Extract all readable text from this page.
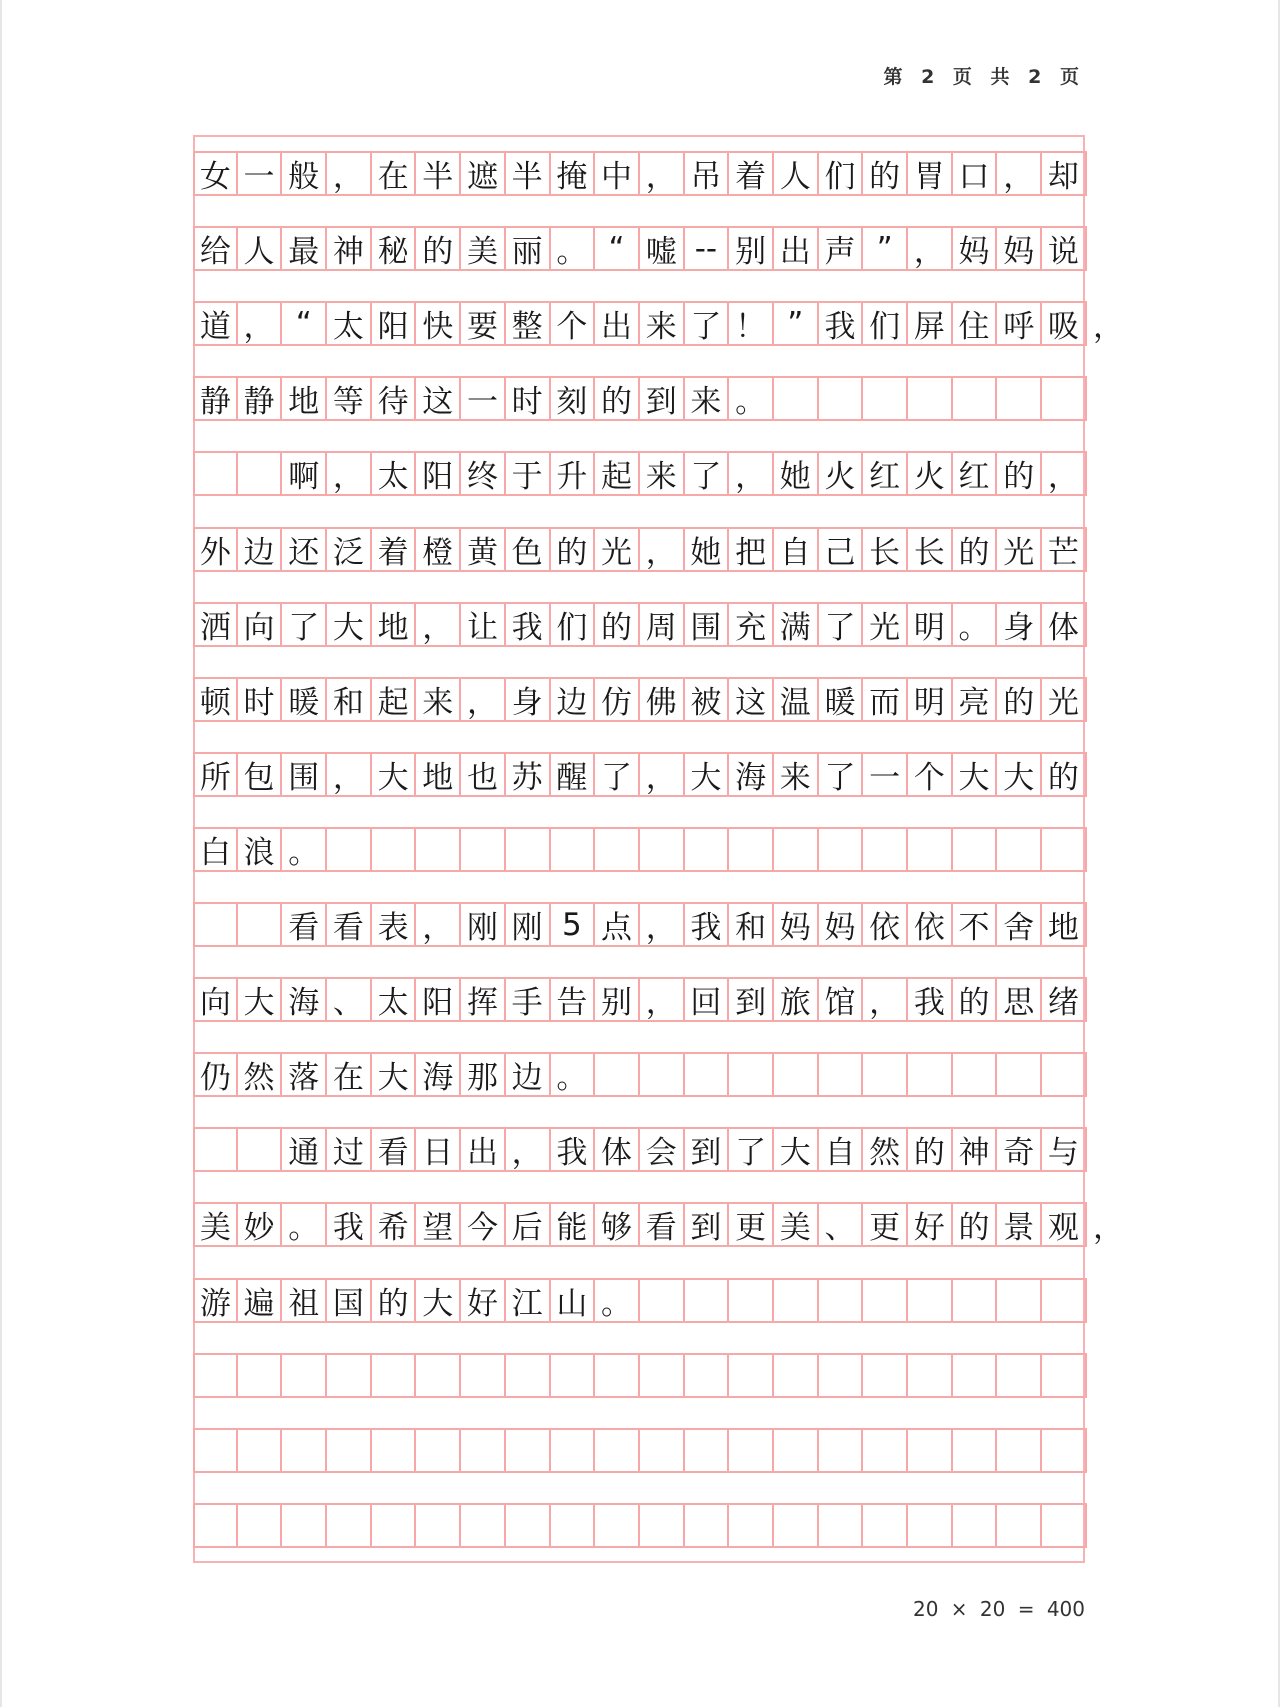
第 2 页 共 2 页
女 一 般 ， 在 半 遮 半 掩 中 ， 吊 着 人 们 的 胃 口 ， 却
给 人 最 神 秘 的 美 丽 。 “ 嘘 -- 别 出 声 ” ， 妈 妈 说
道 ， “ 太 阳 快 要 整 个 出 来 了 ！ ” 我 们 屏 住 呼 吸 ，
静 静 地 等 待 这 一 时 刻 的 到 来 。
啊 ， 太 阳 终 于 升 起 来 了 ， 她 火 红 火 红 的 ，
外 边 还 泛 着 橙 黄 色 的 光 ， 她 把 自 己 长 长 的 光 芒
洒 向 了 大 地 ， 让 我 们 的 周 围 充 满 了 光 明 。 身 体
顿 时 暖 和 起 来 ， 身 边 仿 佛 被 这 温 暖 而 明 亮 的 光
所 包 围 ， 大 地 也 苏 醒 了 ， 大 海 来 了 一 个 大 大 的
白 浪 。
看 看 表 ， 刚 刚 5 点 ， 我 和 妈 妈 依 依 不 舍 地
向 大 海 、 太 阳 挥 手 告 别 ， 回 到 旅 馆 ， 我 的 思 绪
仍 然 落 在 大 海 那 边 。
通 过 看 日 出 ， 我 体 会 到 了 大 自 然 的 神 奇 与
美 妙 。 我 希 望 今 后 能 够 看 到 更 美 、 更 好 的 景 观 ，
游 遍 祖 国 的 大 好 江 山 。
20 × 20 = 400
